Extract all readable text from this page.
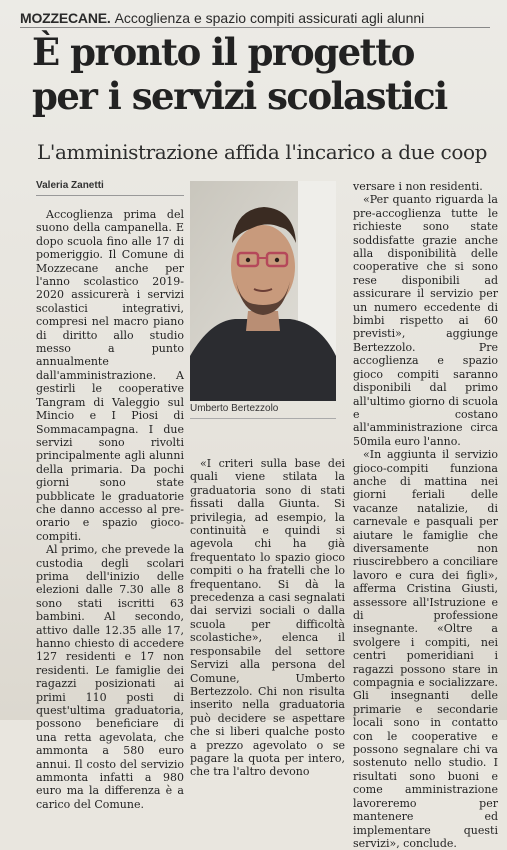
MOZZECANE. Accoglienza e spazio compiti assicurati agli alunni
È pronto il progetto
per i servizi scolastici
L'amministrazione affida l'incarico a due coop
Valeria Zanetti

Accoglienza prima del suono della campanella. E dopo scuola fino alle 17 di pomeriggio. Il Comune di Mozzecane anche per l'anno scolastico 2019-2020 assicurerà i servizi scolastici integrativi, compresi nel macro piano di diritto allo studio messo a punto annualmente dall'amministrazione. A gestirli le cooperative Tangram di Valeggio sul Mincio e I Piosi di Sommacampagna. I due servizi sono rivolti principalmente agli alunni della primaria. Da pochi giorni sono state pubblicate le graduatorie che danno accesso al pre-orario e spazio gioco-compiti.

Al primo, che prevede la custodia degli scolari prima dell'inizio delle elezioni dalle 7.30 alle 8 sono stati iscritti 63 bambini. Al secondo, attivo dalle 12.35 alle 17, hanno chiesto di accedere 127 residenti e 17 non residenti. Le famiglie dei ragazzi posizionati ai primi 110 posti di quest'ultima graduatoria, possono beneficiare di una retta agevolata, che ammonta a 580 euro annui. Il costo del servizio ammonta infatti a 980 euro ma la differenza è a carico del Comune.

Umberto Bertezzolo

«I criteri sulla base dei quali viene stilata la graduatoria sono di stati fissati dalla Giunta. Si privilegia, ad esempio, la continuità e quindi si agevola chi ha già frequentato lo spazio gioco compiti o ha fratelli che lo frequentano. Si dà la precedenza a casi segnalati dai servizi sociali o dalla scuola per difficoltà scolastiche», elenca il responsabile del settore Servizi alla persona del Comune, Umberto Bertezzolo. Chi non risulta inserito nella graduatoria può decidere se aspettare che si liberi qualche posto a prezzo agevolato o se pagare la quota per intero, che tra l'altro devono

versare i non residenti.

«Per quanto riguarda la pre-accoglienza tutte le richieste sono state soddisfatte grazie anche alla disponibilità delle cooperative che si sono rese disponibili ad assicurare il servizio per un numero eccedente di bimbi rispetto ai 60 previsti», aggiunge Bertezzolo. Pre accoglienza e spazio gioco compiti saranno disponibili dal primo all'ultimo giorno di scuola e costano all'amministrazione circa 50mila euro l'anno.

«In aggiunta il servizio gioco-compiti funziona anche di mattina nei giorni feriali delle vacanze natalizie, di carnevale e pasquali per aiutare le famiglie che diversamente non riuscirebbero a conciliare lavoro e cura dei figli», afferma Cristina Giusti, assessore all'Istruzione e di professione insegnante. «Oltre a svolgere i compiti, nei centri pomeridiani i ragazzi possono stare in compagnia e socializzare. Gli insegnanti delle primarie e secondarie locali sono in contatto con le cooperative e possono segnalare chi va sostenuto nello studio. I risultati sono buoni e come amministrazione lavoreremo per mantenere ed implementare questi servizi», conclude.
